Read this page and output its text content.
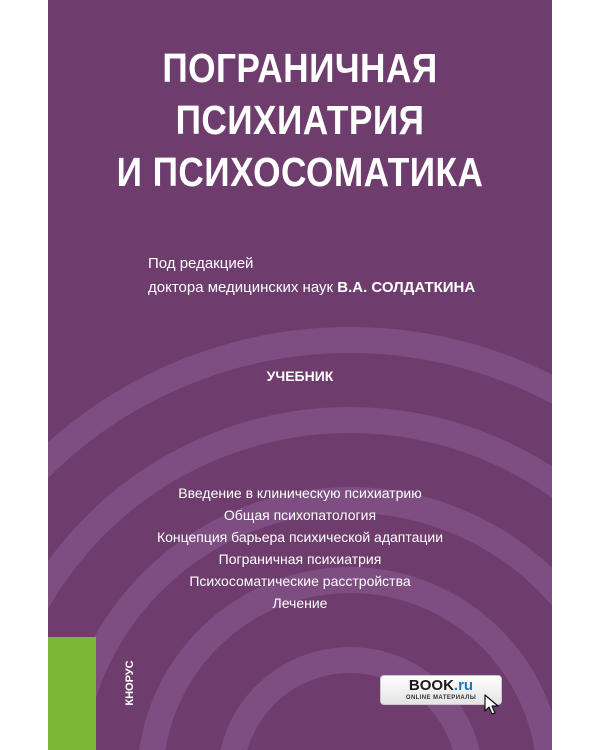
ПОГРАНИЧНАЯ
ПСИХИАТРИЯ
И ПСИХОСОМАТИКА
Под редакцией
доктора медицинских наук В.А. СОЛДАТКИНА
УЧЕБНИК
Введение в клиническую психиатрию
Общая психопатология
Концепция барьера психической адаптации
Пограничная психиатрия
Психосоматические расстройства
Лечение
КНОРУС	BOOK.ru
ONLINE МАТЕРИАЛЫ
